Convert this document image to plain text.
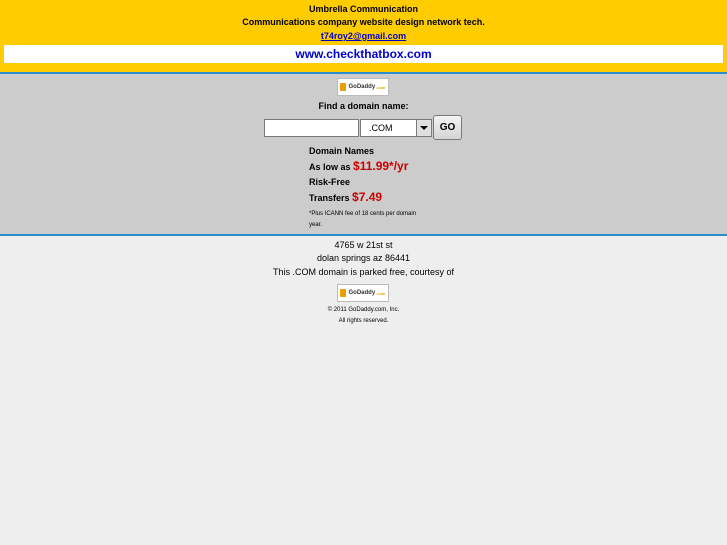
Umbrella Communication
Communications company website design network tech.
t74roy2@gmail.com
www.checkthatbox.com
GoDaddy .com
Find a domain name:
.COM	GO
Domain Names
As low as $11.99*/yr
Risk-Free
Transfers $7.49
*Plus ICANN fee of 18 cents per domain year.
4765 w 21st st
dolan springs az 86441
This .COM domain is parked free, courtesy of
GoDaddy .com
© 2011 GoDaddy.com, Inc.
All rights reserved.
